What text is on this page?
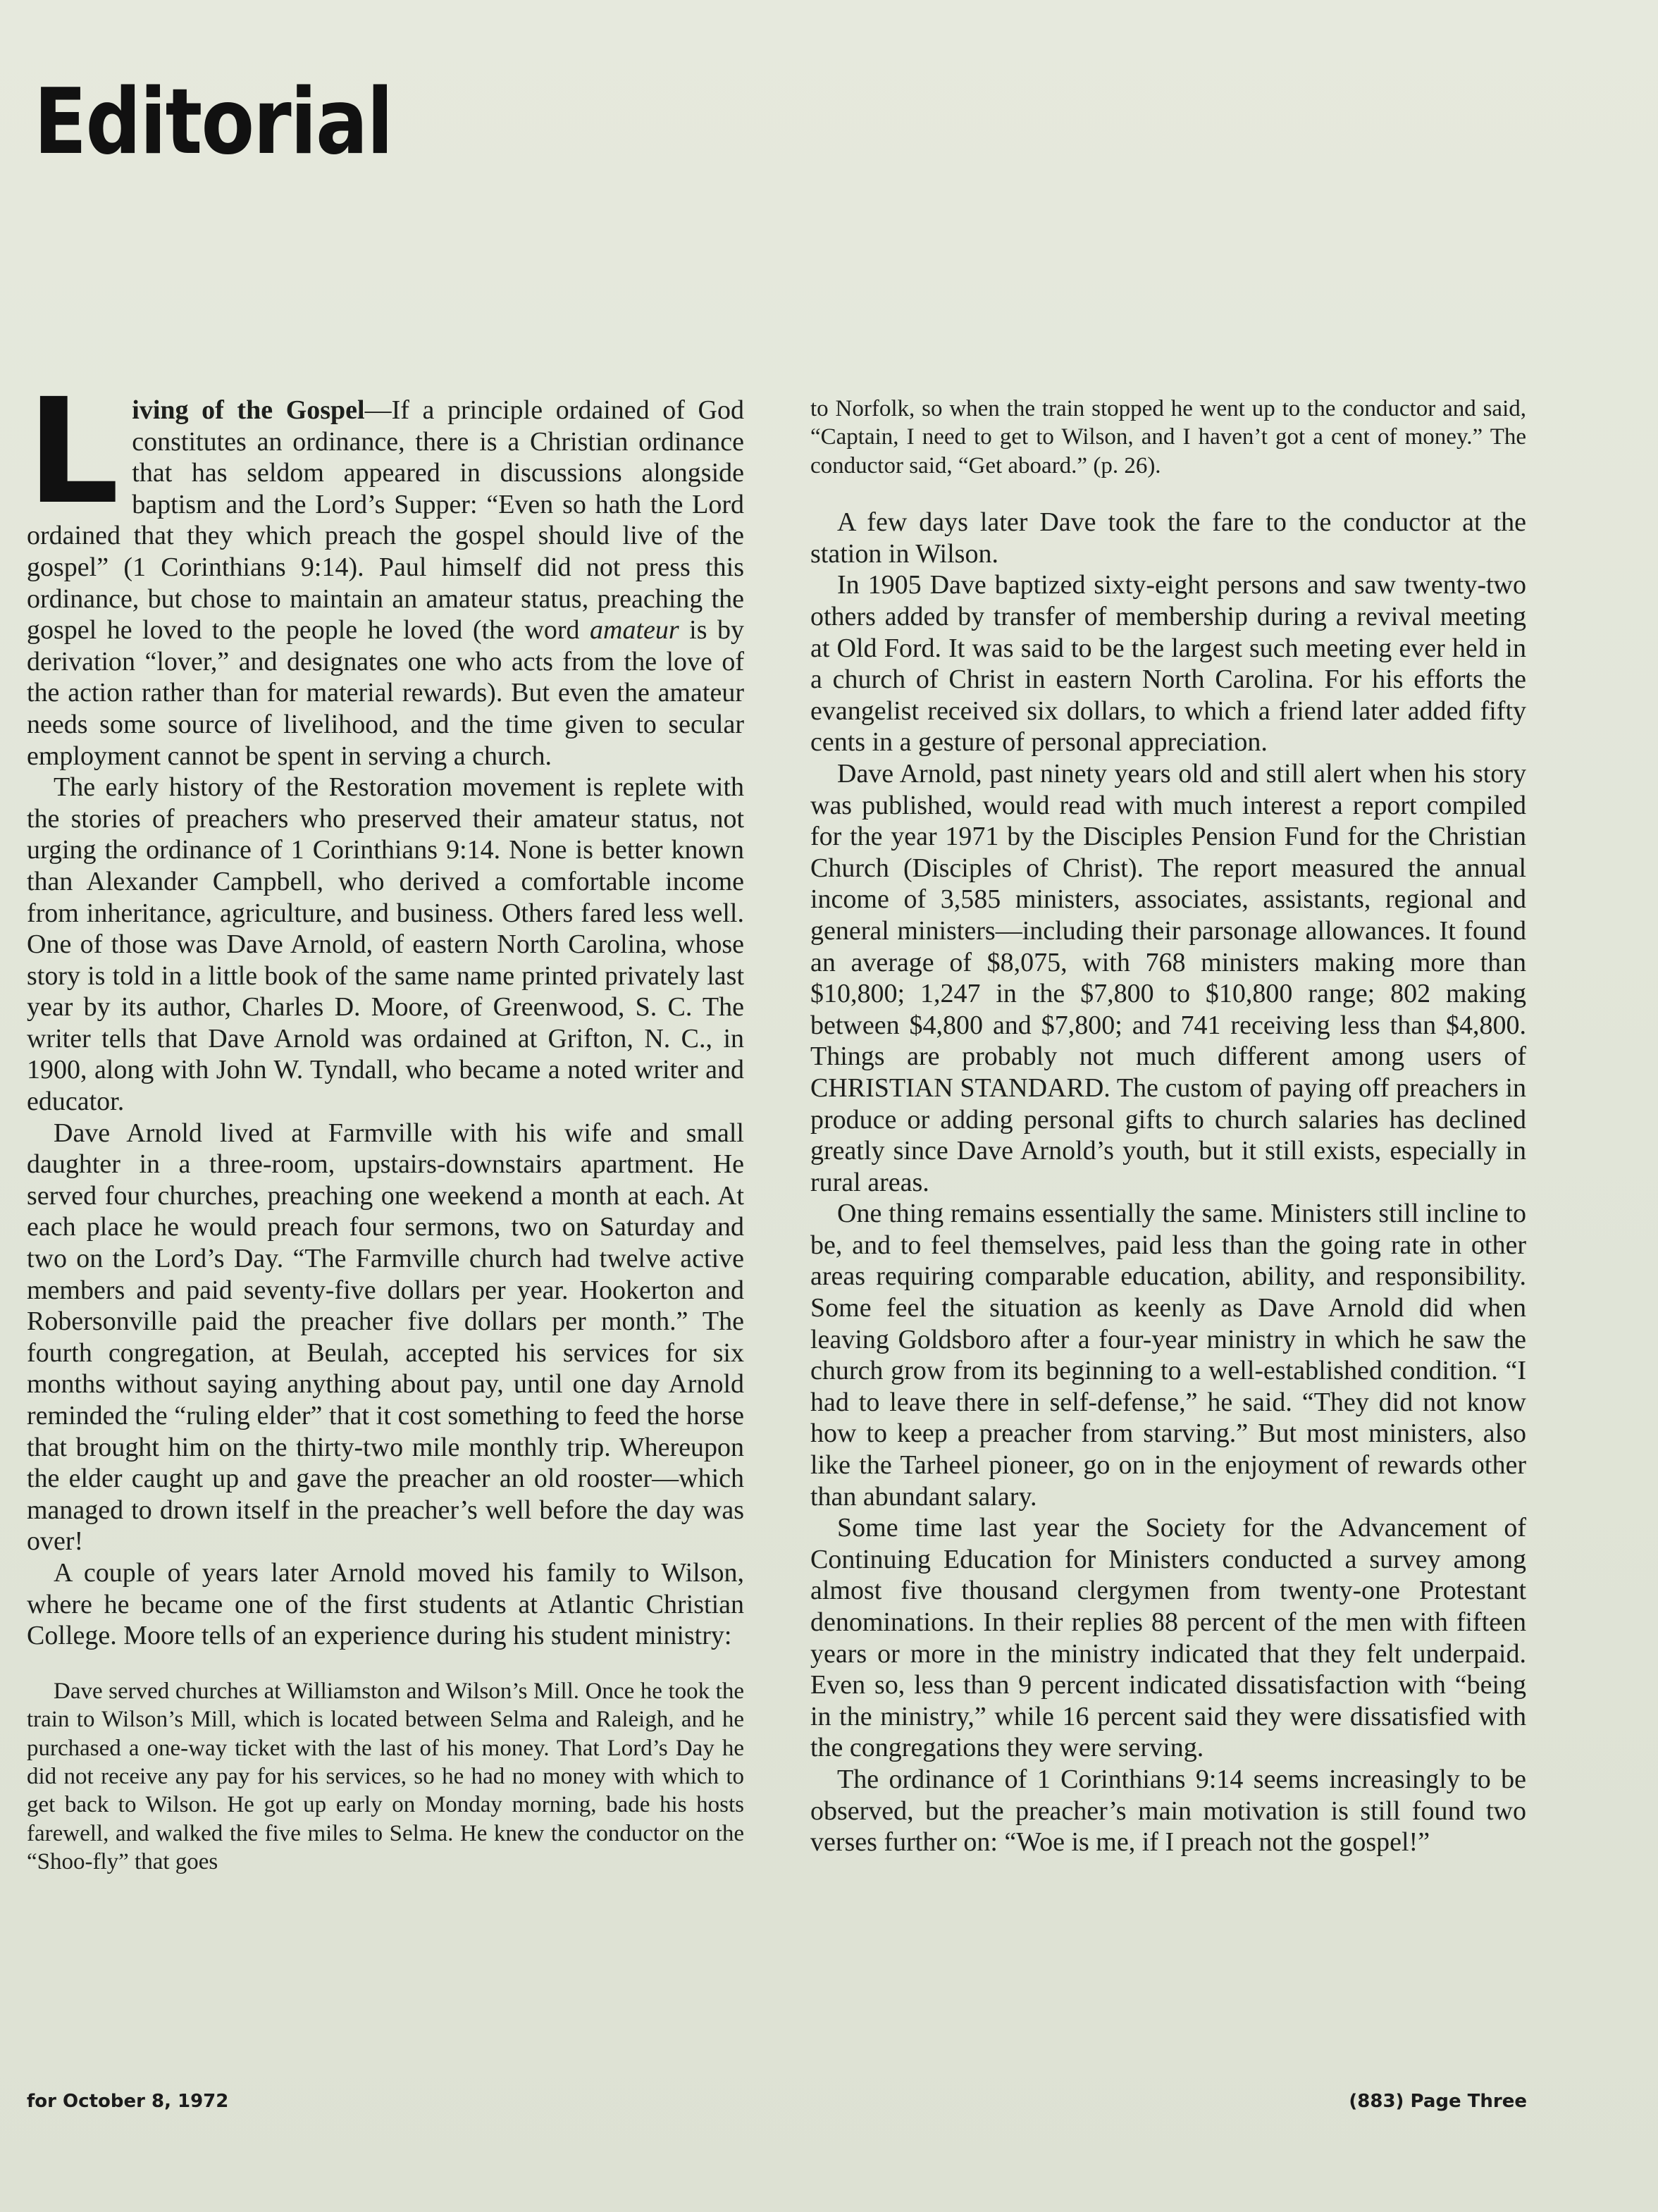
Editorial

Living of the Gospel—If a principle ordained of God constitutes an ordinance, there is a Christian ordinance that has seldom appeared in discussions alongside baptism and the Lord’s Supper: “Even so hath the Lord ordained that they which preach the gospel should live of the gospel” (1 Corinthians 9:14). Paul himself did not press this ordinance, but chose to maintain an amateur status, preaching the gospel he loved to the people he loved (the word amateur is by derivation “lover,” and designates one who acts from the love of the action rather than for material rewards). But even the amateur needs some source of livelihood, and the time given to secular employment cannot be spent in serving a church.

The early history of the Restoration movement is replete with the stories of preachers who preserved their amateur status, not urging the ordinance of 1 Corinthians 9:14. None is better known than Alexander Campbell, who derived a comfortable income from inheritance, agriculture, and business. Others fared less well. One of those was Dave Arnold, of eastern North Carolina, whose story is told in a little book of the same name printed privately last year by its author, Charles D. Moore, of Greenwood, S. C. The writer tells that Dave Arnold was ordained at Grifton, N. C., in 1900, along with John W. Tyndall, who became a noted writer and educator.

Dave Arnold lived at Farmville with his wife and small daughter in a three-room, upstairs-downstairs apartment. He served four churches, preaching one weekend a month at each. At each place he would preach four sermons, two on Saturday and two on the Lord’s Day. “The Farmville church had twelve active members and paid seventy-five dollars per year. Hookerton and Robersonville paid the preacher five dollars per month.” The fourth congregation, at Beulah, accepted his services for six months without saying anything about pay, until one day Arnold reminded the “ruling elder” that it cost something to feed the horse that brought him on the thirty-two mile monthly trip. Whereupon the elder caught up and gave the preacher an old rooster—which managed to drown itself in the preacher’s well before the day was over!

A couple of years later Arnold moved his family to Wilson, where he became one of the first students at Atlantic Christian College. Moore tells of an experience during his student ministry:

Dave served churches at Williamston and Wilson’s Mill. Once he took the train to Wilson’s Mill, which is located between Selma and Raleigh, and he purchased a one-way ticket with the last of his money. That Lord’s Day he did not receive any pay for his services, so he had no money with which to get back to Wilson. He got up early on Monday morning, bade his hosts farewell, and walked the five miles to Selma. He knew the conductor on the “Shoo-fly” that goes

to Norfolk, so when the train stopped he went up to the conductor and said, “Captain, I need to get to Wilson, and I haven’t got a cent of money.” The conductor said, “Get aboard.” (p. 26).

A few days later Dave took the fare to the conductor at the station in Wilson.

In 1905 Dave baptized sixty-eight persons and saw twenty-two others added by transfer of membership during a revival meeting at Old Ford. It was said to be the largest such meeting ever held in a church of Christ in eastern North Carolina. For his efforts the evangelist received six dollars, to which a friend later added fifty cents in a gesture of personal appreciation.

Dave Arnold, past ninety years old and still alert when his story was published, would read with much interest a report compiled for the year 1971 by the Disciples Pension Fund for the Christian Church (Disciples of Christ). The report measured the annual income of 3,585 ministers, associates, assistants, regional and general ministers—including their parsonage allowances. It found an average of $8,075, with 768 ministers making more than $10,800; 1,247 in the $7,800 to $10,800 range; 802 making between $4,800 and $7,800; and 741 receiving less than $4,800. Things are probably not much different among users of CHRISTIAN STANDARD. The custom of paying off preachers in produce or adding personal gifts to church salaries has declined greatly since Dave Arnold’s youth, but it still exists, especially in rural areas.

One thing remains essentially the same. Ministers still incline to be, and to feel themselves, paid less than the going rate in other areas requiring comparable education, ability, and responsibility. Some feel the situation as keenly as Dave Arnold did when leaving Goldsboro after a four-year ministry in which he saw the church grow from its beginning to a well-established condition. “I had to leave there in self-defense,” he said. “They did not know how to keep a preacher from starving.” But most ministers, also like the Tarheel pioneer, go on in the enjoyment of rewards other than abundant salary.

Some time last year the Society for the Advancement of Continuing Education for Ministers conducted a survey among almost five thousand clergymen from twenty-one Protestant denominations. In their replies 88 percent of the men with fifteen years or more in the ministry indicated that they felt underpaid. Even so, less than 9 percent indicated dissatisfaction with “being in the ministry,” while 16 percent said they were dissatisfied with the congregations they were serving.

The ordinance of 1 Corinthians 9:14 seems increasingly to be observed, but the preacher’s main motivation is still found two verses further on: “Woe is me, if I preach not the gospel!”

for October 8, 1972	(883) Page Three
